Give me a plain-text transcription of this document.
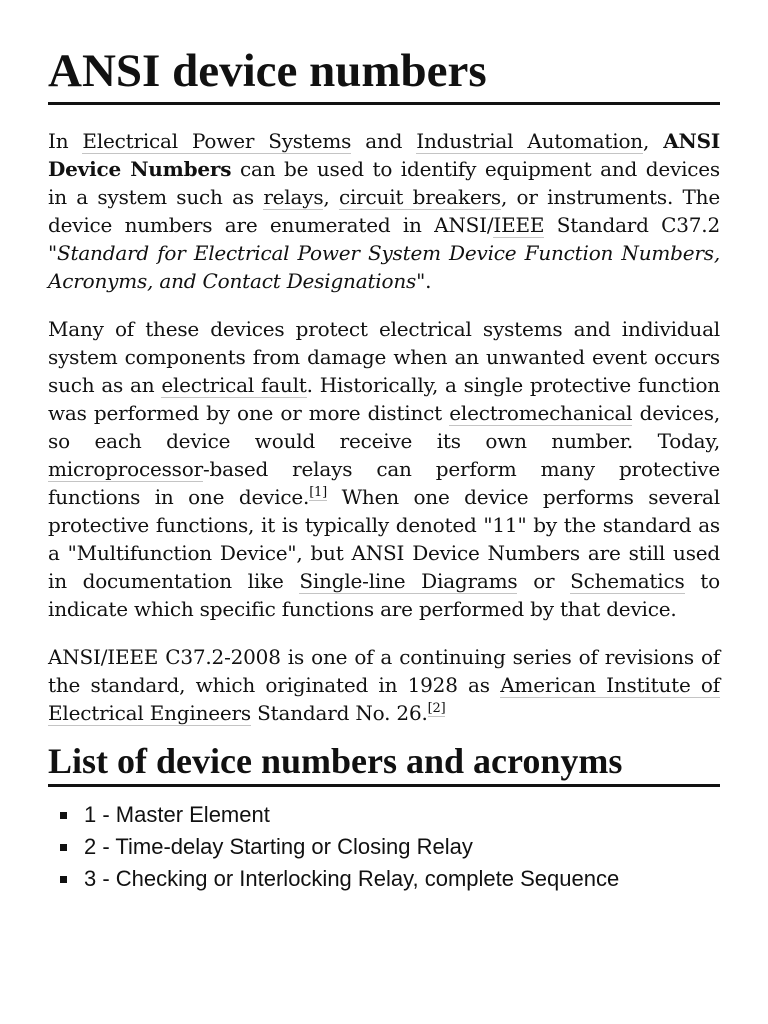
ANSI device numbers

In Electrical Power Systems and Industrial Automation, ANSI Device Numbers can be used to identify equipment and devices in a system such as relays, circuit breakers, or instruments. The device numbers are enumerated in ANSI/IEEE Standard C37.2 "Standard for Electrical Power System Device Function Numbers, Acronyms, and Contact Designations".

Many of these devices protect electrical systems and individual system components from damage when an unwanted event occurs such as an electrical fault. Historically, a single protective function was performed by one or more distinct electromechanical devices, so each device would receive its own number. Today, microprocessor-based relays can perform many protective functions in one device.[1] When one device performs several protective functions, it is typically denoted "11" by the standard as a "Multifunction Device", but ANSI Device Numbers are still used in documentation like Single-line Diagrams or Schematics to indicate which specific functions are performed by that device.

ANSI/IEEE C37.2-2008 is one of a continuing series of revisions of the standard, which originated in 1928 as American Institute of Electrical Engineers Standard No. 26.[2]

List of device numbers and acronyms
1 - Master Element
2 - Time-delay Starting or Closing Relay
3 - Checking or Interlocking Relay, complete Sequence
